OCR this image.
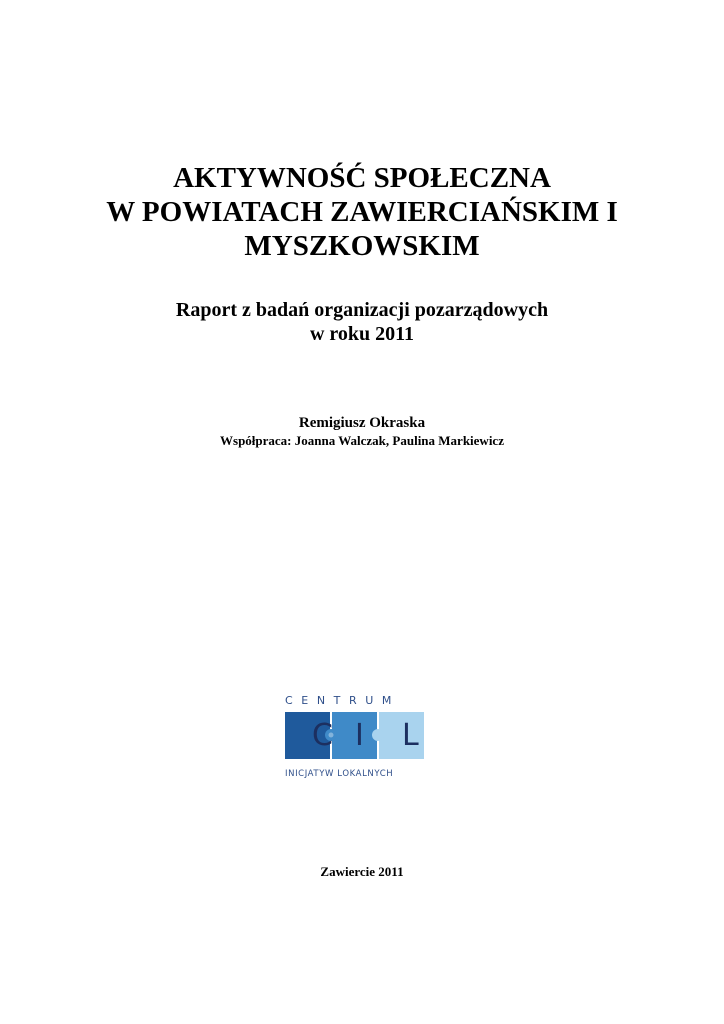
AKTYWNOŚĆ SPOŁECZNA
W POWIATACH ZAWIERCIAŃSKIM I
MYSZKOWSKIM
Raport z badań organizacji pozarządowych
w roku 2011
Remigiusz Okraska
Współpraca: Joanna Walczak, Paulina Markiewicz
CENTRUM
C I L
INICJATYW LOKALNYCH
Zawiercie 2011
